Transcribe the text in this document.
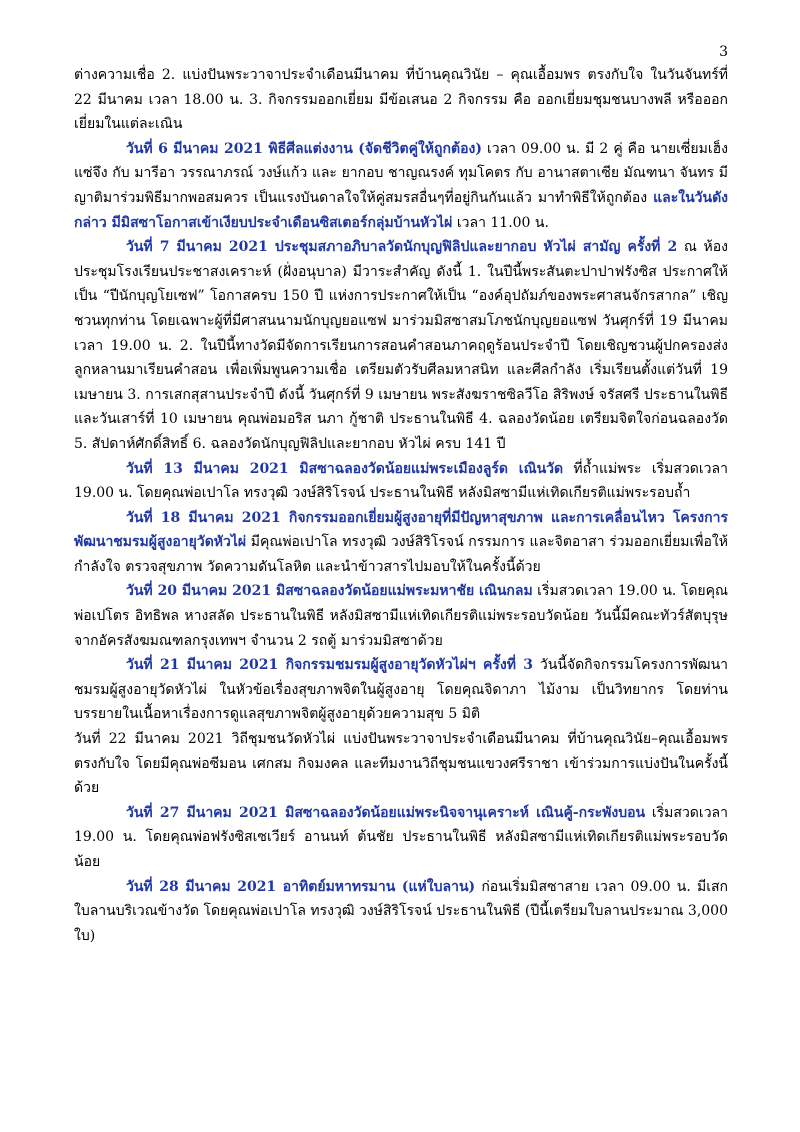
3

ต่างความเชื่อ 2. แบ่งปันพระวาจาประจำเดือนมีนาคม ที่บ้านคุณวินัย – คุณเอื้อมพร ตรงกับใจ ในวันจันทร์ที่ 22 มีนาคม เวลา 18.00 น. 3. กิจกรรมออกเยี่ยม มีข้อเสนอ 2 กิจกรรม คือ ออกเยี่ยมชุมชนบางพลี หรือออกเยี่ยมในแต่ละเณิน

วันที่ 6 มีนาคม 2021 พิธีศีลแต่งงาน (จัดชีวิตคู่ให้ถูกต้อง) เวลา 09.00 น. มี 2 คู่ คือ นายเซี่ยมเฮ็ง แซ่จึง กับ มารีอา วรรณาภรณ์ วงษ์แก้ว และ ยากอบ ชาญณรงค์ ทุมโคตร กับ อานาสตาเซีย มัณฑนา จันทร มีญาติมาร่วมพิธีมากพอสมควร เป็นแรงบันดาลใจให้คู่สมรสอื่นๆที่อยู่กินกันแล้ว มาทำพิธีให้ถูกต้อง และในวันดังกล่าว มีมิสซาโอกาสเข้าเงียบประจำเดือนซิสเตอร์กลุ่มบ้านหัวไผ่ เวลา 11.00 น.

วันที่ 7 มีนาคม 2021 ประชุมสภาอภิบาลวัดนักบุญฟิลิปและยากอบ หัวไผ่ สามัญ ครั้งที่ 2 ณ ห้องประชุมโรงเรียนประชาสงเคราะห์ (ฝั่งอนุบาล) มีวาระสำคัญ ดังนี้ 1. ในปีนี้พระสันตะปาปาฟรังซิส ประกาศให้เป็น “ปีนักบุญโยเซฟ” โอกาสครบ 150 ปี แห่งการประกาศให้เป็น “องค์อุปถัมภ์ของพระศาสนจักรสากล” เชิญชวนทุกท่าน โดยเฉพาะผู้ที่มีศาสนนามนักบุญยอแซฟ มาร่วมมิสซาสมโภชนักบุญยอแซฟ วันศุกร์ที่ 19 มีนาคม เวลา 19.00 น. 2. ในปีนี้ทางวัดมีจัดการเรียนการสอนคำสอนภาคฤดูร้อนประจำปี โดยเชิญชวนผู้ปกครองส่งลูกหลานมาเรียนคำสอน เพื่อเพิ่มพูนความเชื่อ เตรียมตัวรับศีลมหาสนิท และศีลกำลัง เริ่มเรียนตั้งแต่วันที่ 19 เมษายน 3. การเสกสุสานประจำปี ดังนี้ วันศุกร์ที่ 9 เมษายน พระสังฆราชซิลวีโอ สิริพงษ์ จรัสศรี ประธานในพิธี และวันเสาร์ที่ 10 เมษายน คุณพ่อมอริส นภา กู้ชาติ ประธานในพิธี 4. ฉลองวัดน้อย เตรียมจิตใจก่อนฉลองวัด 5. สัปดาห์ศักดิ์สิทธิ์ 6. ฉลองวัดนักบุญฟิลิปและยากอบ หัวไผ่ ครบ 141 ปี

วันที่ 13 มีนาคม 2021 มิสซาฉลองวัดน้อยแม่พระเมืองลูร์ด เณินวัด ที่ถ้ำแม่พระ เริ่มสวดเวลา 19.00 น. โดยคุณพ่อเปาโล ทรงวุฒิ วงษ์สิริโรจน์ ประธานในพิธี หลังมิสซามีแห่เทิดเกียรติแม่พระรอบถ้ำ

วันที่ 18 มีนาคม 2021 กิจกรรมออกเยี่ยมผู้สูงอายุที่มีปัญหาสุขภาพ และการเคลื่อนไหว โครงการพัฒนาชมรมผู้สูงอายุวัดหัวไผ่ มีคุณพ่อเปาโล ทรงวุฒิ วงษ์สิริโรจน์ กรรมการ และจิตอาสา ร่วมออกเยี่ยมเพื่อให้กำลังใจ ตรวจสุขภาพ วัดความดันโลหิต และนำข้าวสารไปมอบให้ในครั้งนี้ด้วย

วันที่ 20 มีนาคม 2021 มิสซาฉลองวัดน้อยแม่พระมหาชัย เณินกลม เริ่มสวดเวลา 19.00 น. โดยคุณพ่อเปโตร อิทธิพล หางสลัด ประธานในพิธี หลังมิสซามีแห่เทิดเกียรติแม่พระรอบวัดน้อย วันนี้มีคณะทัวร์สัตบุรุษจากอัครสังฆมณฑลกรุงเทพฯ จำนวน 2 รถตู้ มาร่วมมิสซาด้วย

วันที่ 21 มีนาคม 2021 กิจกรรมชมรมผู้สูงอายุวัดหัวไผ่ฯ ครั้งที่ 3 วันนี้จัดกิจกรรมโครงการพัฒนาชมรมผู้สูงอายุวัดหัวไผ่ ในหัวข้อเรื่องสุขภาพจิตในผู้สูงอายุ โดยคุณจิดาภา ไม้งาม เป็นวิทยากร โดยท่านบรรยายในเนื้อหาเรื่องการดูแลสุขภาพจิตผู้สูงอายุด้วยความสุข 5 มิติ

วันที่ 22 มีนาคม 2021 วิถีชุมชนวัดหัวไผ่ แบ่งปันพระวาจาประจำเดือนมีนาคม ที่บ้านคุณวินัย–คุณเอื้อมพร ตรงกับใจ โดยมีคุณพ่อซีมอน เศกสม กิจมงคล และทีมงานวิถีชุมชนแขวงศรีราชา เข้าร่วมการแบ่งปันในครั้งนี้ด้วย

วันที่ 27 มีนาคม 2021 มิสซาฉลองวัดน้อยแม่พระนิจจานุเคราะห์ เณินคู้-กระพังบอน เริ่มสวดเวลา 19.00 น. โดยคุณพ่อฟรังซิสเซเวียร์ อานนท์ ต้นชัย ประธานในพิธี หลังมิสซามีแห่เทิดเกียรติแม่พระรอบวัดน้อย

วันที่ 28 มีนาคม 2021 อาทิตย์มหาทรมาน (แห่ใบลาน) ก่อนเริ่มมิสซาสาย เวลา 09.00 น. มีเสกใบลานบริเวณข้างวัด โดยคุณพ่อเปาโล ทรงวุฒิ วงษ์สิริโรจน์ ประธานในพิธี (ปีนี้เตรียมใบลานประมาณ 3,000 ใบ)
